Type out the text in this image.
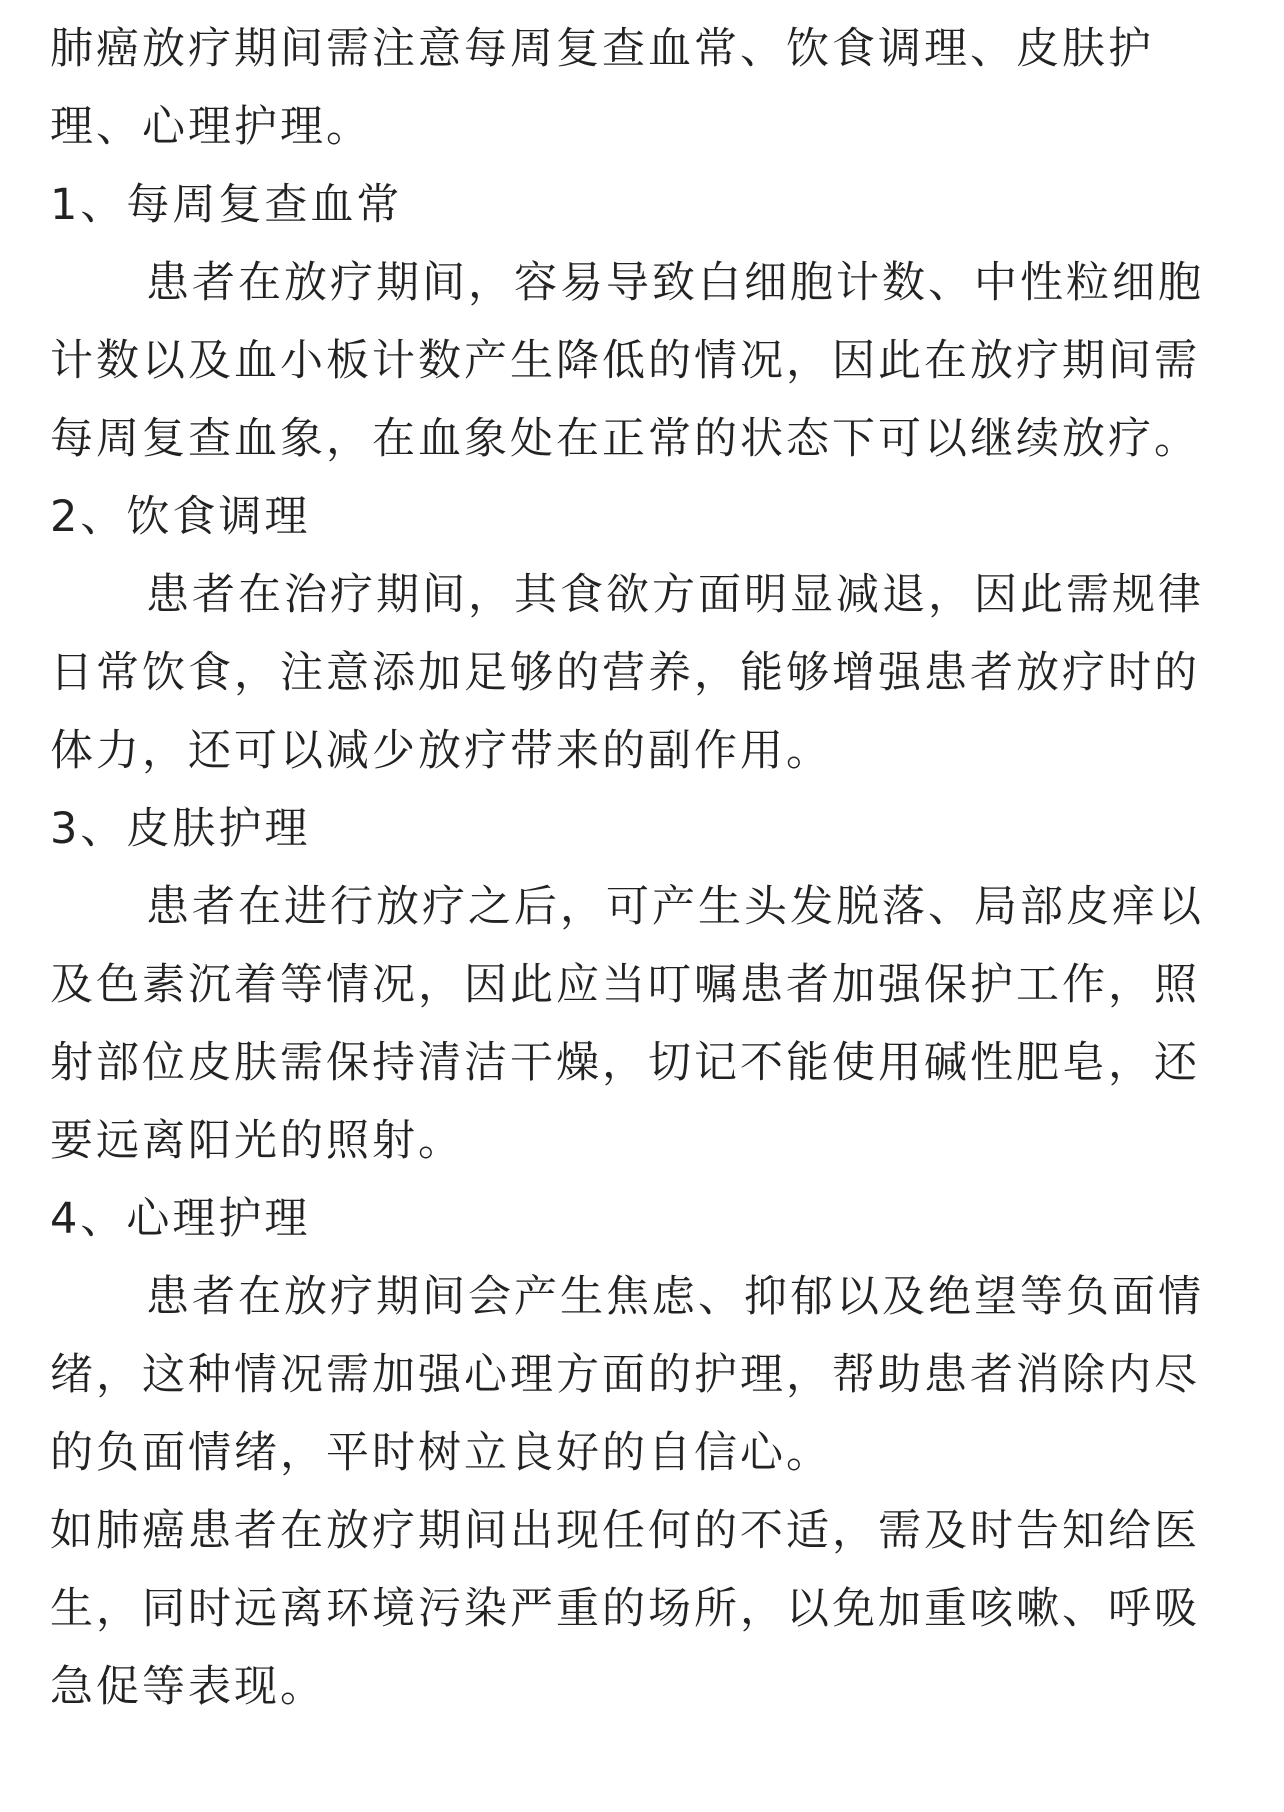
肺癌放疗期间需注意每周复查血常、饮食调理、皮肤护理、心理护理。

1、每周复查血常

患者在放疗期间，容易导致白细胞计数、中性粒细胞计数以及血小板计数产生降低的情况，因此在放疗期间需每周复查血象，在血象处在正常的状态下可以继续放疗。

2、饮食调理

患者在治疗期间，其食欲方面明显减退，因此需规律日常饮食，注意添加足够的营养，能够增强患者放疗时的体力，还可以减少放疗带来的副作用。

3、皮肤护理

患者在进行放疗之后，可产生头发脱落、局部皮痒以及色素沉着等情况，因此应当叮嘱患者加强保护工作，照射部位皮肤需保持清洁干燥，切记不能使用碱性肥皂，还要远离阳光的照射。

4、心理护理

患者在放疗期间会产生焦虑、抑郁以及绝望等负面情绪，这种情况需加强心理方面的护理，帮助患者消除内尽的负面情绪，平时树立良好的自信心。

如肺癌患者在放疗期间出现任何的不适，需及时告知给医生，同时远离环境污染严重的场所，以免加重咳嗽、呼吸急促等表现。
